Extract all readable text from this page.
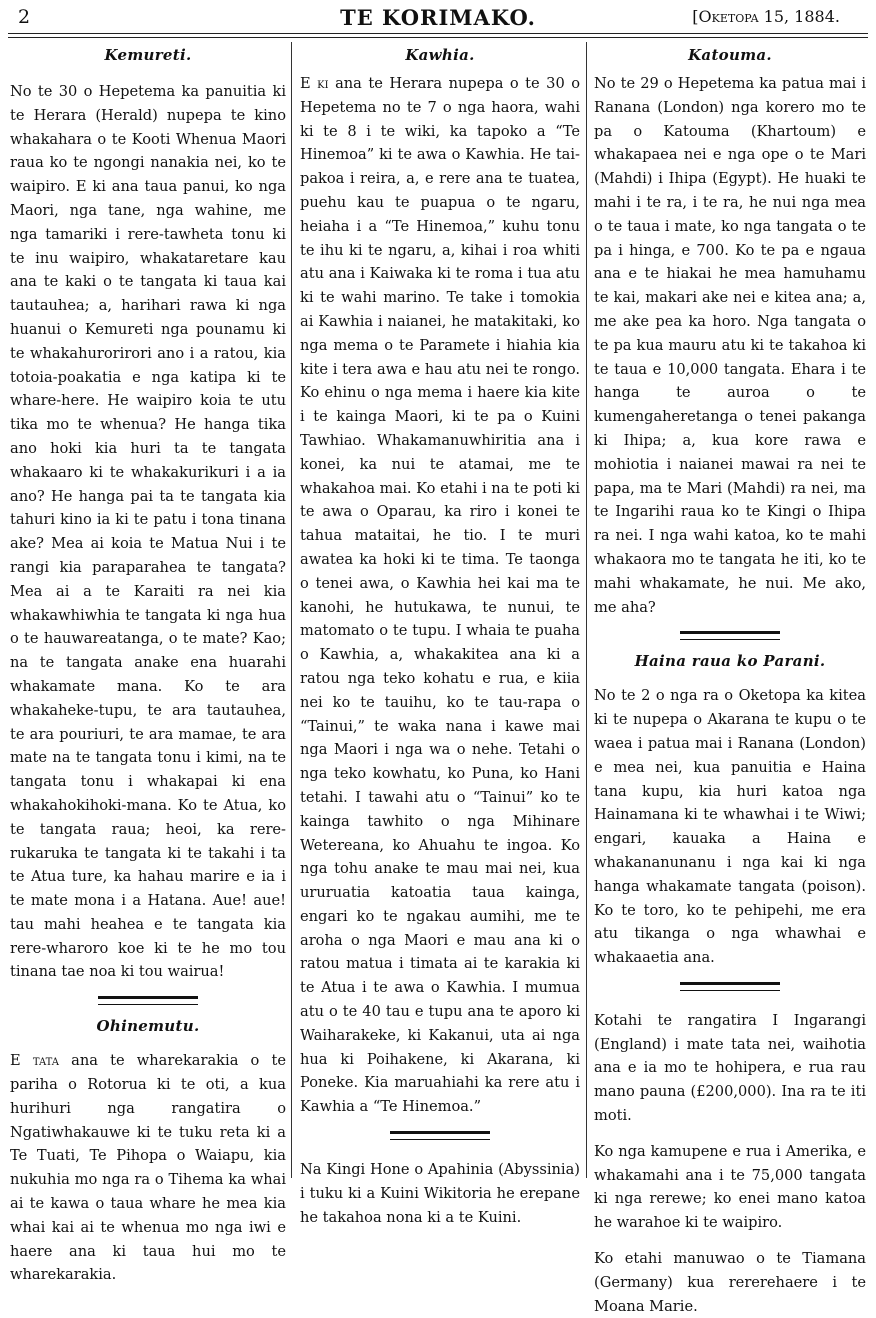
2	TE KORIMAKO.	[Oketopa 15, 1884.
Kemureti.

No te 30 o Hepetema ka panuitia ki te Herara (Herald) nupepa te kino whakahara o te Kooti Whenua Maori raua ko te ngongi nanakia nei, ko te waipiro. E ki ana taua panui, ko nga Maori, nga tane, nga wahine, me nga tamariki i rere-tawheta tonu ki te inu waipiro, whakataretare kau ana te kaki o te tangata ki taua kai tautauhea; a, harihari rawa ki nga huanui o Kemureti nga pounamu ki te whakahurorirori ano i a ratou, kia totoia-poakatia e nga katipa ki te whare-here. He waipiro koia te utu tika mo te whenua? He hanga tika ano hoki kia huri ta te tangata whakaaro ki te whakakurikuri i a ia ano? He hanga pai ta te tangata kia tahuri kino ia ki te patu i tona tinana ake? Mea ai koia te Matua Nui i te rangi kia paraparahea te tangata? Mea ai a te Karaiti ra nei kia whakawhiwhia te tangata ki nga hua o te hauwareatanga, o te mate? Kao; na te tangata anake ena huarahi whakamate mana. Ko te ara whakaheke-tupu, te ara tautauhea, te ara pouriuri, te ara mamae, te ara mate na te tangata tonu i kimi, na te tangata tonu i whakapai ki ena whakahokihoki-mana. Ko te Atua, ko te tangata raua; heoi, ka rere-rukaruka te tangata ki te takahi i ta te Atua ture, ka hahau marire e ia i te mate mona i a Hatana. Aue! aue! tau mahi heahea e te tangata kia rere-wharoro koe ki te he mo tou tinana tae noa ki tou wairua!

Ohinemutu.

E tata ana te wharekarakia o te pariha o Rotorua ki te oti, a kua hurihuri nga rangatira o Ngatiwhakauwe ki te tuku reta ki a Te Tuati, Te Pihopa o Waiapu, kia nukuhia mo nga ra o Tihema ka whai ai te kawa o taua whare he mea kia whai kai ai te whenua mo nga iwi e haere ana ki taua hui mo te wharekarakia.

Kawhia.

E ki ana te Herara nupepa o te 30 o Hepetema no te 7 o nga haora, wahi ki te 8 i te wiki, ka tapoko a “Te Hinemoa” ki te awa o Kawhia. He tai-pakoa i reira, a, e rere ana te tuatea, puehu kau te puapua o te ngaru, heiaha i a “Te Hinemoa,” kuhu tonu te ihu ki te ngaru, a, kihai i roa whiti atu ana i Kaiwaka ki te roma i tua atu ki te wahi marino. Te take i tomokia ai Kawhia i naianei, he matakitaki, ko nga mema o te Paramete i hiahia kia kite i tera awa e hau atu nei te rongo. Ko ehinu o nga mema i haere kia kite i te kainga Maori, ki te pa o Kuini Tawhiao. Whakamanuwhiritia ana i konei, ka nui te atamai, me te whakahoa mai. Ko etahi i na te poti ki te awa o Oparau, ka riro i konei te tahua mataitai, he tio. I te muri awatea ka hoki ki te tima. Te taonga o tenei awa, o Kawhia hei kai ma te kanohi, he hutukawa, te nunui, te matomato o te tupu. I whaia te puaha o Kawhia, a, whakakitea ana ki a ratou nga teko kohatu e rua, e kiia nei ko te tauihu, ko te tau-rapa o “Tainui,” te waka nana i kawe mai nga Maori i nga wa o nehe. Tetahi o nga teko kowhatu, ko Puna, ko Hani tetahi. I tawahi atu o “Tainui” ko te kainga tawhito o nga Mihinare Wetereana, ko Ahuahu te ingoa. Ko nga tohu anake te mau mai nei, kua ururuatia katoatia taua kainga, engari ko te ngakau aumihi, me te aroha o nga Maori e mau ana ki o ratou matua i timata ai te karakia ki te Atua i te awa o Kawhia. I mumua atu o te 40 tau e tupu ana te aporo ki Waiharakeke, ki Kakanui, uta ai nga hua ki Poihakene, ki Akarana, ki Poneke. Kia maruahiahi ka rere atu i Kawhia a “Te Hinemoa.”

Na Kingi Hone o Apahinia (Abyssinia) i tuku ki a Kuini Wikitoria he erepane he takahoa nona ki a te Kuini.

Katouma.

No te 29 o Hepetema ka patua mai i Ranana (London) nga korero mo te pa o Katouma (Khartoum) e whakapaea nei e nga ope o te Mari (Mahdi) i Ihipa (Egypt). He huaki te mahi i te ra, i te ra, he nui nga mea o te taua i mate, ko nga tangata o te pa i hinga, e 700. Ko te pa e ngaua ana e te hiakai he mea hamuhamu te kai, makari ake nei e kitea ana; a, me ake pea ka horo. Nga tangata o te pa kua mauru atu ki te takahoa ki te taua e 10,000 tangata. Ehara i te hanga te auroa o te kumengaheretanga o tenei pakanga ki Ihipa; a, kua kore rawa e mohiotia i naianei mawai ra nei te papa, ma te Mari (Mahdi) ra nei, ma te Ingarihi raua ko te Kingi o Ihipa ra nei. I nga wahi katoa, ko te mahi whakaora mo te tangata he iti, ko te mahi whakamate, he nui. Me ako, me aha?

Haina raua ko Parani.

No te 2 o nga ra o Oketopa ka kitea ki te nupepa o Akarana te kupu o te waea i patua mai i Ranana (London) e mea nei, kua panuitia e Haina tana kupu, kia huri katoa nga Hainamana ki te whawhai i te Wiwi; engari, kauaka a Haina e whakananunanu i nga kai ki nga hanga whakamate tangata (poison). Ko te toro, ko te pehipehi, me era atu tikanga o nga whawhai e whakaaetia ana.

Kotahi te rangatira I Ingarangi (England) i mate tata nei, waihotia ana e ia mo te hohipera, e rua rau mano pauna (£200,000). Ina ra te iti moti.

Ko nga kamupene e rua i Amerika, e whakamahi ana i te 75,000 tangata ki nga rerewe; ko enei mano katoa he warahoe ki te waipiro.

Ko etahi manuwao o te Tiamana (Germany) kua rererehaere i te Moana Marie.
